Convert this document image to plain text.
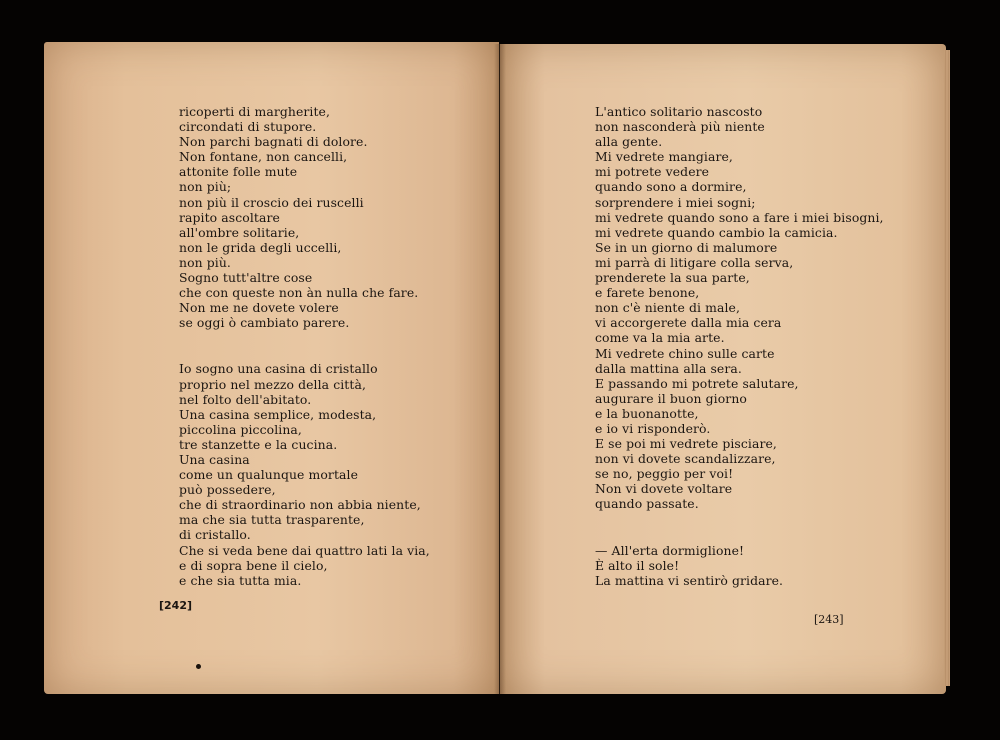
ricoperti di margherite,
circondati di stupore.
Non parchi bagnati di dolore.
Non fontane, non cancelli,
attonite folle mute
non più;
non più il croscio dei ruscelli
rapito ascoltare
all'ombre solitarie,
non le grida degli uccelli,
non più.
Sogno tutt'altre cose
che con queste non àn nulla che fare.
Non me ne dovete volere
se oggi ò cambiato parere.
Io sogno una casina di cristallo
proprio nel mezzo della città,
nel folto dell'abitato.
Una casina semplice, modesta,
piccolina piccolina,
tre stanzette e la cucina.
Una casina
come un qualunque mortale
può possedere,
che di straordinario non abbia niente,
ma che sia tutta trasparente,
di cristallo.
Che si veda bene dai quattro lati la via,
e di sopra bene il cielo,
e che sia tutta mia.
L'antico solitario nascosto
non nasconderà più niente
alla gente.
Mi vedrete mangiare,
mi potrete vedere
quando sono a dormire,
sorprendere i miei sogni;
mi vedrete quando sono a fare i miei bisogni,
mi vedrete quando cambio la camicia.
Se in un giorno di malumore
mi parrà di litigare colla serva,
prenderete la sua parte,
e farete benone,
non c'è niente di male,
vi accorgerete dalla mia cera
come va la mia arte.
Mi vedrete chino sulle carte
dalla mattina alla sera.
E passando mi potrete salutare,
augurare il buon giorno
e la buonanotte,
e io vi risponderò.
E se poi mi vedrete pisciare,
non vi dovete scandalizzare,
se no, peggio per voi!
Non vi dovete voltare
quando passate.
— All'erta dormiglione!
È alto il sole!
La mattina vi sentirò gridare.
[242]
[243]
